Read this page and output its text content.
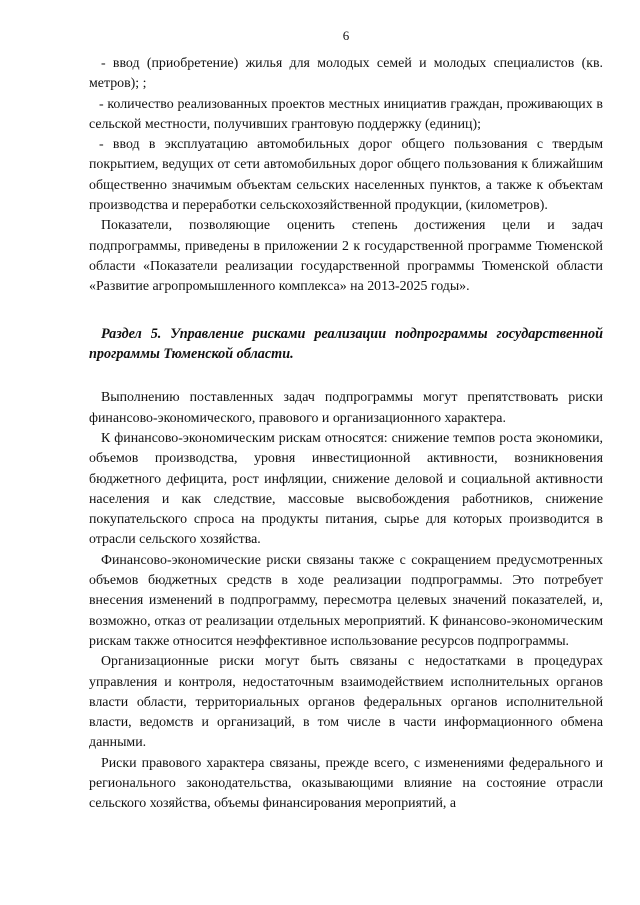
6

- ввод (приобретение) жилья для молодых семей и молодых специалистов (кв. метров); ;

- количество реализованных проектов местных инициатив граждан, проживающих в сельской местности, получивших грантовую поддержку (единиц);

- ввод в эксплуатацию автомобильных дорог общего пользования с твердым покрытием, ведущих от сети автомобильных дорог общего пользования к ближайшим общественно значимым объектам сельских населенных пунктов, а также к объектам производства и переработки сельскохозяйственной продукции, (километров).

Показатели, позволяющие оценить степень достижения цели и задач подпрограммы, приведены в приложении 2 к государственной программе Тюменской области «Показатели реализации государственной программы Тюменской области «Развитие агропромышленного комплекса» на 2013-2025 годы».

Раздел 5. Управление рисками реализации подпрограммы государственной программы Тюменской области.

Выполнению поставленных задач подпрограммы могут препятствовать риски финансово-экономического, правового и организационного характера.

К финансово-экономическим рискам относятся: снижение темпов роста экономики, объемов производства, уровня инвестиционной активности, возникновения бюджетного дефицита, рост инфляции, снижение деловой и социальной активности населения и как следствие, массовые высвобождения работников, снижение покупательского спроса на продукты питания, сырье для которых производится в отрасли сельского хозяйства.

Финансово-экономические риски связаны также с сокращением предусмотренных объемов бюджетных средств в ходе реализации подпрограммы. Это потребует внесения изменений в подпрограмму, пересмотра целевых значений показателей, и, возможно, отказ от реализации отдельных мероприятий. К финансово-экономическим рискам также относится неэффективное использование ресурсов подпрограммы.

Организационные риски могут быть связаны с недостатками в процедурах управления и контроля, недостаточным взаимодействием исполнительных органов власти области, территориальных органов федеральных органов исполнительной власти, ведомств и организаций, в том числе в части информационного обмена данными.

Риски правового характера связаны, прежде всего, с изменениями федерального и регионального законодательства, оказывающими влияние на состояние отрасли сельского хозяйства, объемы финансирования мероприятий, а
